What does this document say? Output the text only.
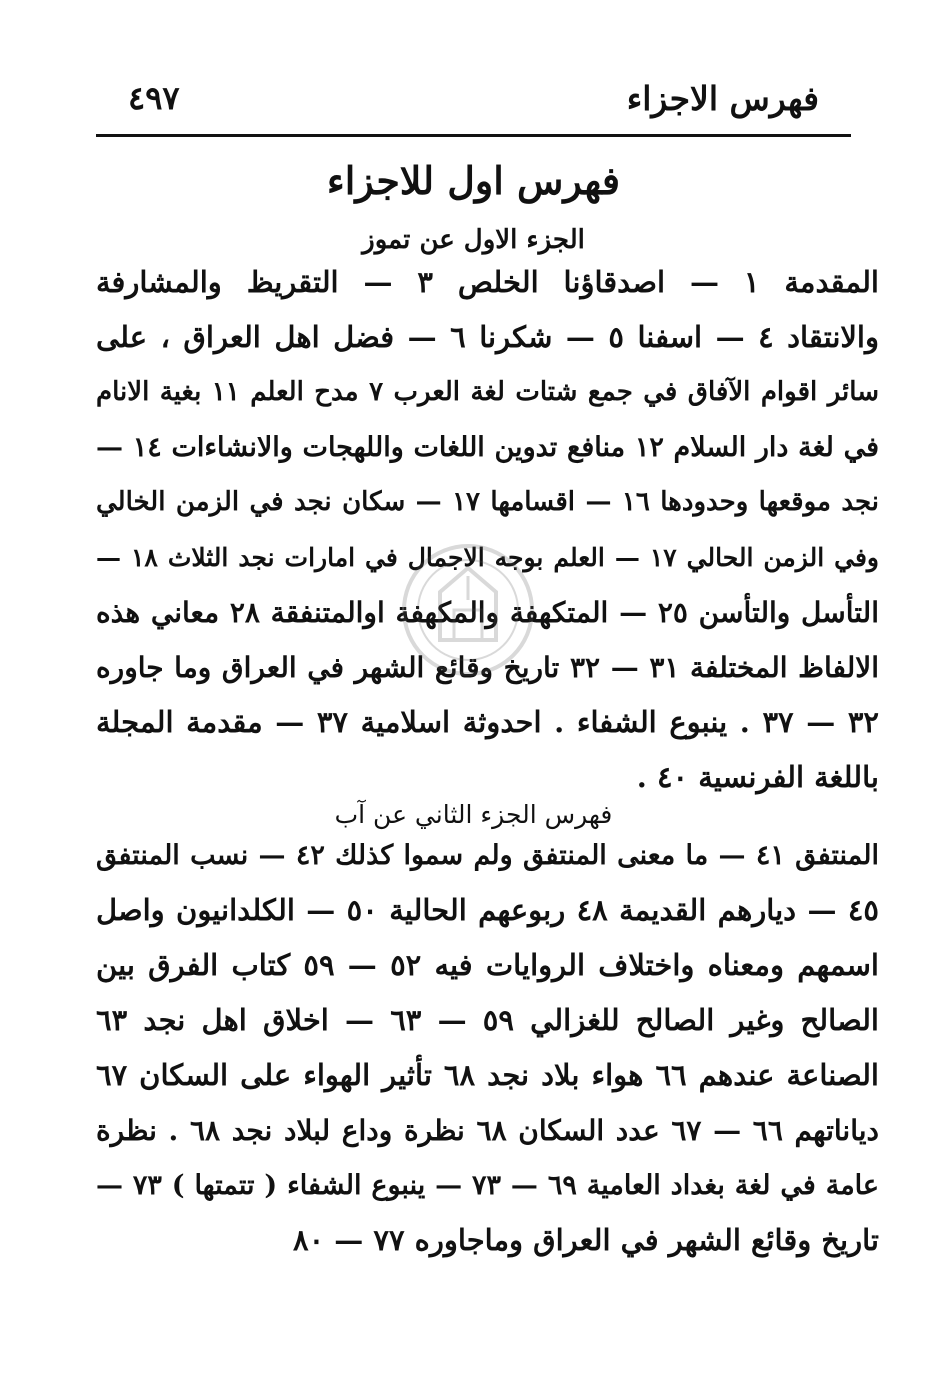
٤٩٧	فهرس الاجزاء
فهرس اول للاجزاء
الجزء الاول عن تموز
المقدمة ١ — اصدقاؤنا الخلص ٣ — التقريظ والمشارفة
والانتقاد ٤ — اسفنا ٥ — شكرنا ٦ — فضل اهل العراق ، على
سائر اقوام الآفاق في جمع شتات لغة العرب ٧ مدح العلم ١١ بغية الانام
في لغة دار السلام ١٢ منافع تدوين اللغات واللهجات والانشاءات ١٤ —
نجد موقعها وحدودها ١٦ — اقسامها ١٧ — سكان نجد في الزمن الخالي
وفي الزمن الحالي ١٧ — العلم بوجه الاجمال في امارات نجد الثلاث ١٨ —
التأسل والتأسن ٢٥ — المتكهفة والمكهفة اوالمتنفقة ٢٨ معاني هذه
الالفاظ المختلفة ٣١ — ٣٢ تاريخ وقائع الشهر في العراق وما جاوره
٣٢ — ٣٧ . ينبوع الشفاء . احدوثة اسلامية ٣٧ — مقدمة المجلة
باللغة الفرنسية ٤٠ .
فهرس الجزء الثاني عن آب
المنتفق ٤١ — ما معنى المنتفق ولم سموا كذلك ٤٢ — نسب المنتفق
٤٥ — ديارهم القديمة ٤٨ ربوعهم الحالية ٥٠ — الكلدانيون واصل
اسمهم ومعناه واختلاف الروايات فيه ٥٢ — ٥٩ كتاب الفرق بين
الصالح وغير الصالح للغزالي ٥٩ — ٦٣ — اخلاق اهل نجد ٦٣
الصناعة عندهم ٦٦ هواء بلاد نجد ٦٨ تأثير الهواء على السكان ٦٧
دياناتهم ٦٦ — ٦٧ عدد السكان ٦٨ نظرة وداع لبلاد نجد ٦٨ . نظرة
عامة في لغة بغداد العامية ٦٩ — ٧٣ — ينبوع الشفاء ( تتمتها ) ٧٣ —
تاريخ وقائع الشهر في العراق وماجاوره ٧٧ — ٨٠
